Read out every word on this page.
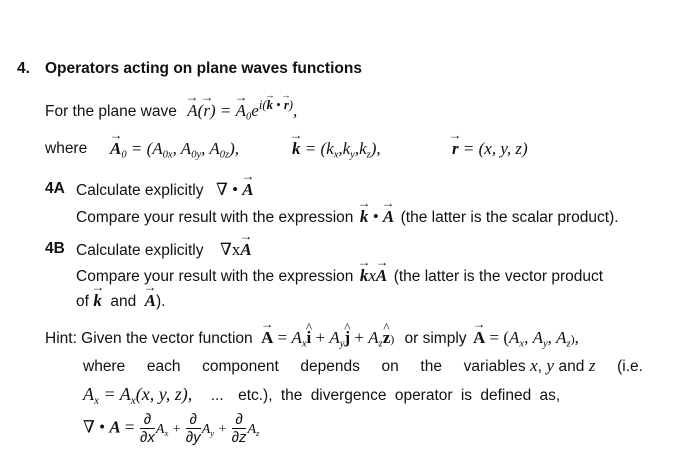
4. Operators acting on plane waves functions
For the plane wave → A(→ r) = → $A_0e^{i(\to k • \to r)}$,
where → $A_0 = (A_{0x}$, $A_{0y}$, $A_{0z}$),	→ $k = (k_x,k_y,k_z)$,	→ r = (x, y, z)
4A Calculate explicitly ∇ • → A
Compare your result with the expression → k • → A (the latter is the scalar product).
4B Calculate explicitly ∇x→ A
Compare your result with the expression → kx→ A (the latter is the vector product
of → k and → A).
Hint: Given the vector function → $A = A_x\^{}$ $i + A_y\^{}$ $j + A_z\^{}$ z) or simply → $A = (A_x$, $A_y$, $A_z$),
where each component depends on the variables x, y and z (i.e.
$A_x = A_x(x$, y, z), ... etc.), the divergence operator is defined as,
∇ • $A = \frac{\partial}{\partial x} A_x + \frac{\partial}{\partial y} A_y + \frac{\partial}{\partial z} A_z$
